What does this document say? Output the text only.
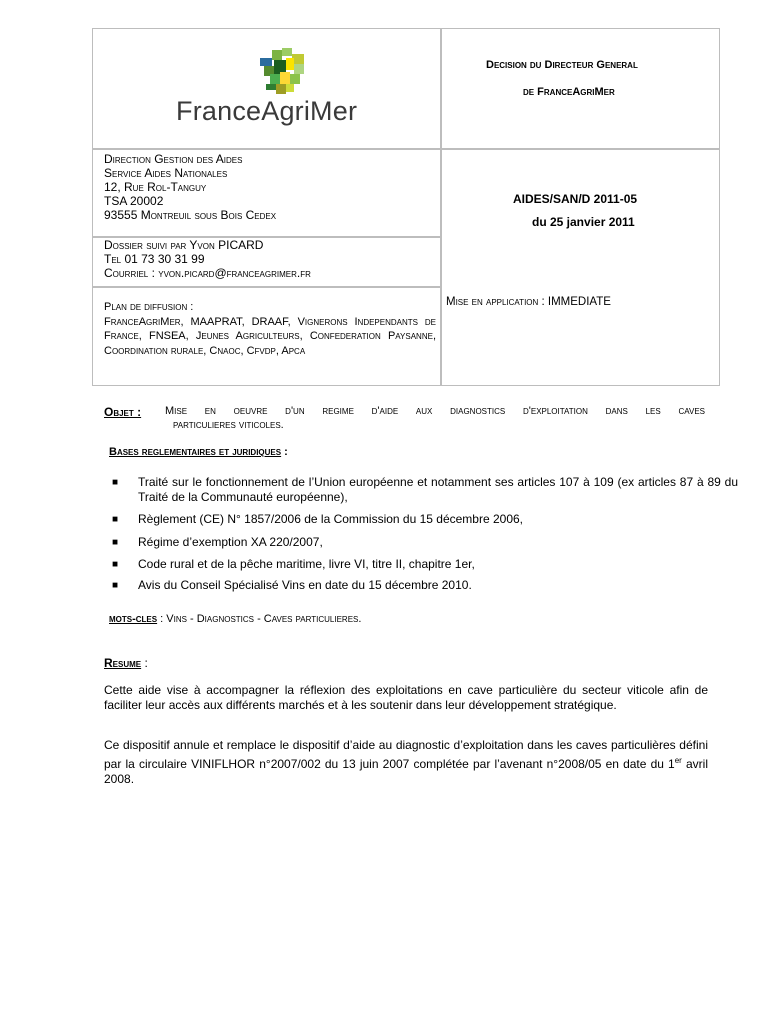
FranceAgriMer
Decision du Directeur General
de FranceAgriMer
AIDES/SAN/D 2011-05
du 25 janvier 2011
Mise en application : IMMEDIATE
Direction Gestion des Aides
Service Aides Nationales
12, Rue Rol-Tanguy
TSA 20002
93555 Montreuil sous Bois Cedex
Dossier suivi par Yvon PICARD
Tel 01 73 30 31 99
Courriel : yvon.picard@franceagrimer.fr
Plan de diffusion :
FranceAgriMer, MAAPRAT, DRAAF, Vignerons Independants de France, FNSEA, Jeunes Agriculteurs, Confederation Paysanne, Coordination rurale, Cnaoc, Cfvdp, Apca
Objet : Mise en oeuvre d'un regime d'aide aux diagnostics d'exploitation dans les caves
particulieres viticoles.
Bases reglementaires et juridiques :
■ Traité sur le fonctionnement de l’Union européenne et notamment ses articles 107 à 109 (ex articles 87 à 89 du Traité de la Communauté européenne),
■ Règlement (CE) N° 1857/2006 de la Commission du 15 décembre 2006,
■ Régime d’exemption XA 220/2007,
■ Code rural et de la pêche maritime, livre VI, titre II, chapitre 1er,
■ Avis du Conseil Spécialisé Vins en date du 15 décembre 2010.
mots-cles : Vins - Diagnostics - Caves particulieres.
Resume :
Cette aide vise à accompagner la réflexion des exploitations en cave particulière du secteur viticole afin de faciliter leur accès aux différents marchés et à les soutenir dans leur développement stratégique.
Ce dispositif annule et remplace le dispositif d’aide au diagnostic d’exploitation dans les caves particulières défini par la circulaire VINIFLHOR n°2007/002 du 13 juin 2007 complétée par l’avenant n°2008/05 en date du 1er avril 2008.
